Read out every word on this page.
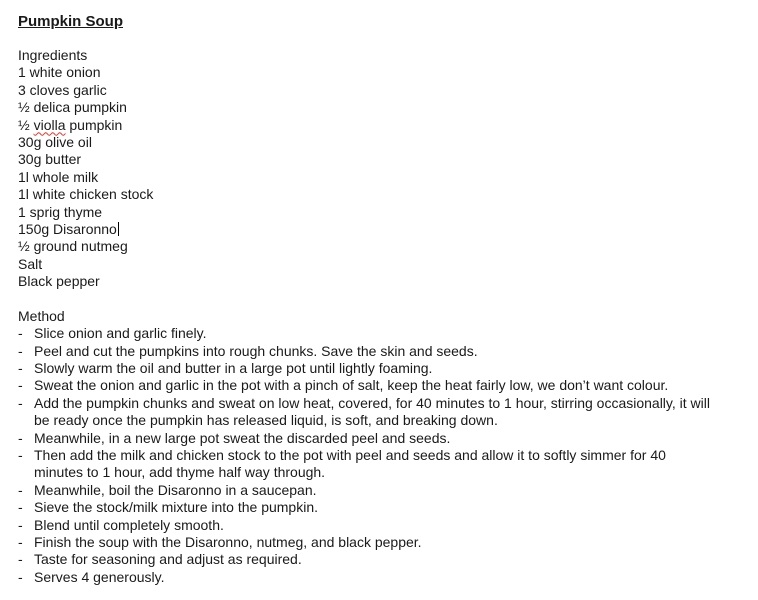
Pumpkin Soup
Ingredients
1 white onion
3 cloves garlic
½ delica pumpkin
½ violla pumpkin
30g olive oil
30g butter
1l whole milk
1l white chicken stock
1 sprig thyme
150g Disaronno
½ ground nutmeg
Salt
Black pepper
Method
- Slice onion and garlic finely.
- Peel and cut the pumpkins into rough chunks. Save the skin and seeds.
- Slowly warm the oil and butter in a large pot until lightly foaming.
- Sweat the onion and garlic in the pot with a pinch of salt, keep the heat fairly low, we don’t want colour.
- Add the pumpkin chunks and sweat on low heat, covered, for 40 minutes to 1 hour, stirring occasionally, it will be ready once the pumpkin has released liquid, is soft, and breaking down.
- Meanwhile, in a new large pot sweat the discarded peel and seeds.
- Then add the milk and chicken stock to the pot with peel and seeds and allow it to softly simmer for 40 minutes to 1 hour, add thyme half way through.
- Meanwhile, boil the Disaronno in a saucepan.
- Sieve the stock/milk mixture into the pumpkin.
- Blend until completely smooth.
- Finish the soup with the Disaronno, nutmeg, and black pepper.
- Taste for seasoning and adjust as required.
- Serves 4 generously.
